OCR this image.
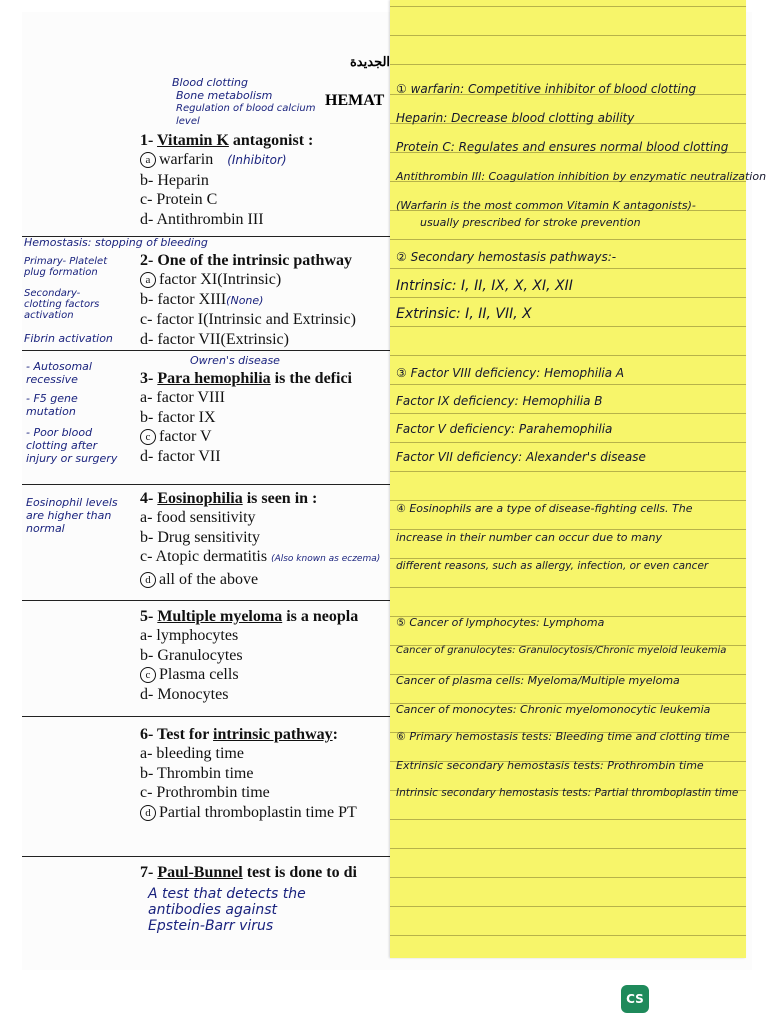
الجديدة
HEMAT
Blood clotting
Bone metabolism
Regulation of blood calcium level
1- Vitamin K antagonist :
a warfarin (Inhibitor)
b- Heparin
c- Protein C
d- Antithrombin III
Hemostasis: stopping of bleeding
Primary- Platelet plug formation
Secondary- clotting factors activation
Fibrin activation
2- One of the intrinsic pathway
a factor XI(Intrinsic)
b- factor XIII(None)
c- factor I(Intrinsic and Extrinsic)
d- factor VII(Extrinsic)
- Autosomal recessive
- F5 gene mutation
- Poor blood clotting after injury or surgery
Owren's disease
3- Para hemophilia is the defici
a- factor VIII
b- factor IX
c factor V
d- factor VII
Eosinophil levels are higher than normal
4- Eosinophilia is seen in :
a- food sensitivity
b- Drug sensitivity
c- Atopic dermatitis (Also known as eczema)
d all of the above
5- Multiple myeloma is a neopla
a- lymphocytes
b- Granulocytes
c Plasma cells
d- Monocytes
6- Test for intrinsic pathway:
a- bleeding time
b- Thrombin time
c- Prothrombin time
d Partial thromboplastin time PT
7- Paul-Bunnel test is done to di
A test that detects the
antibodies against
Epstein-Barr virus
① warfarin: Competitive inhibitor of blood clotting
Heparin: Decrease blood clotting ability
Protein C: Regulates and ensures normal blood clotting
Antithrombin III: Coagulation inhibition by enzymatic neutralization
(Warfarin is the most common Vitamin K antagonists)-
usually prescribed for stroke prevention
② Secondary hemostasis pathways:-
Intrinsic: I, II, IX, X, XI, XII
Extrinsic: I, II, VII, X
③ Factor VIII deficiency: Hemophilia A
Factor IX deficiency: Hemophilia B
Factor V deficiency: Parahemophilia
Factor VII deficiency: Alexander's disease
④ Eosinophils are a type of disease-fighting cells. The
increase in their number can occur due to many
different reasons, such as allergy, infection, or even cancer
⑤ Cancer of lymphocytes: Lymphoma
Cancer of granulocytes: Granulocytosis/Chronic myeloid leukemia
Cancer of plasma cells: Myeloma/Multiple myeloma
Cancer of monocytes: Chronic myelomonocytic leukemia
⑥ Primary hemostasis tests: Bleeding time and clotting time
Extrinsic secondary hemostasis tests: Prothrombin time
Intrinsic secondary hemostasis tests: Partial thromboplastin time
CS
